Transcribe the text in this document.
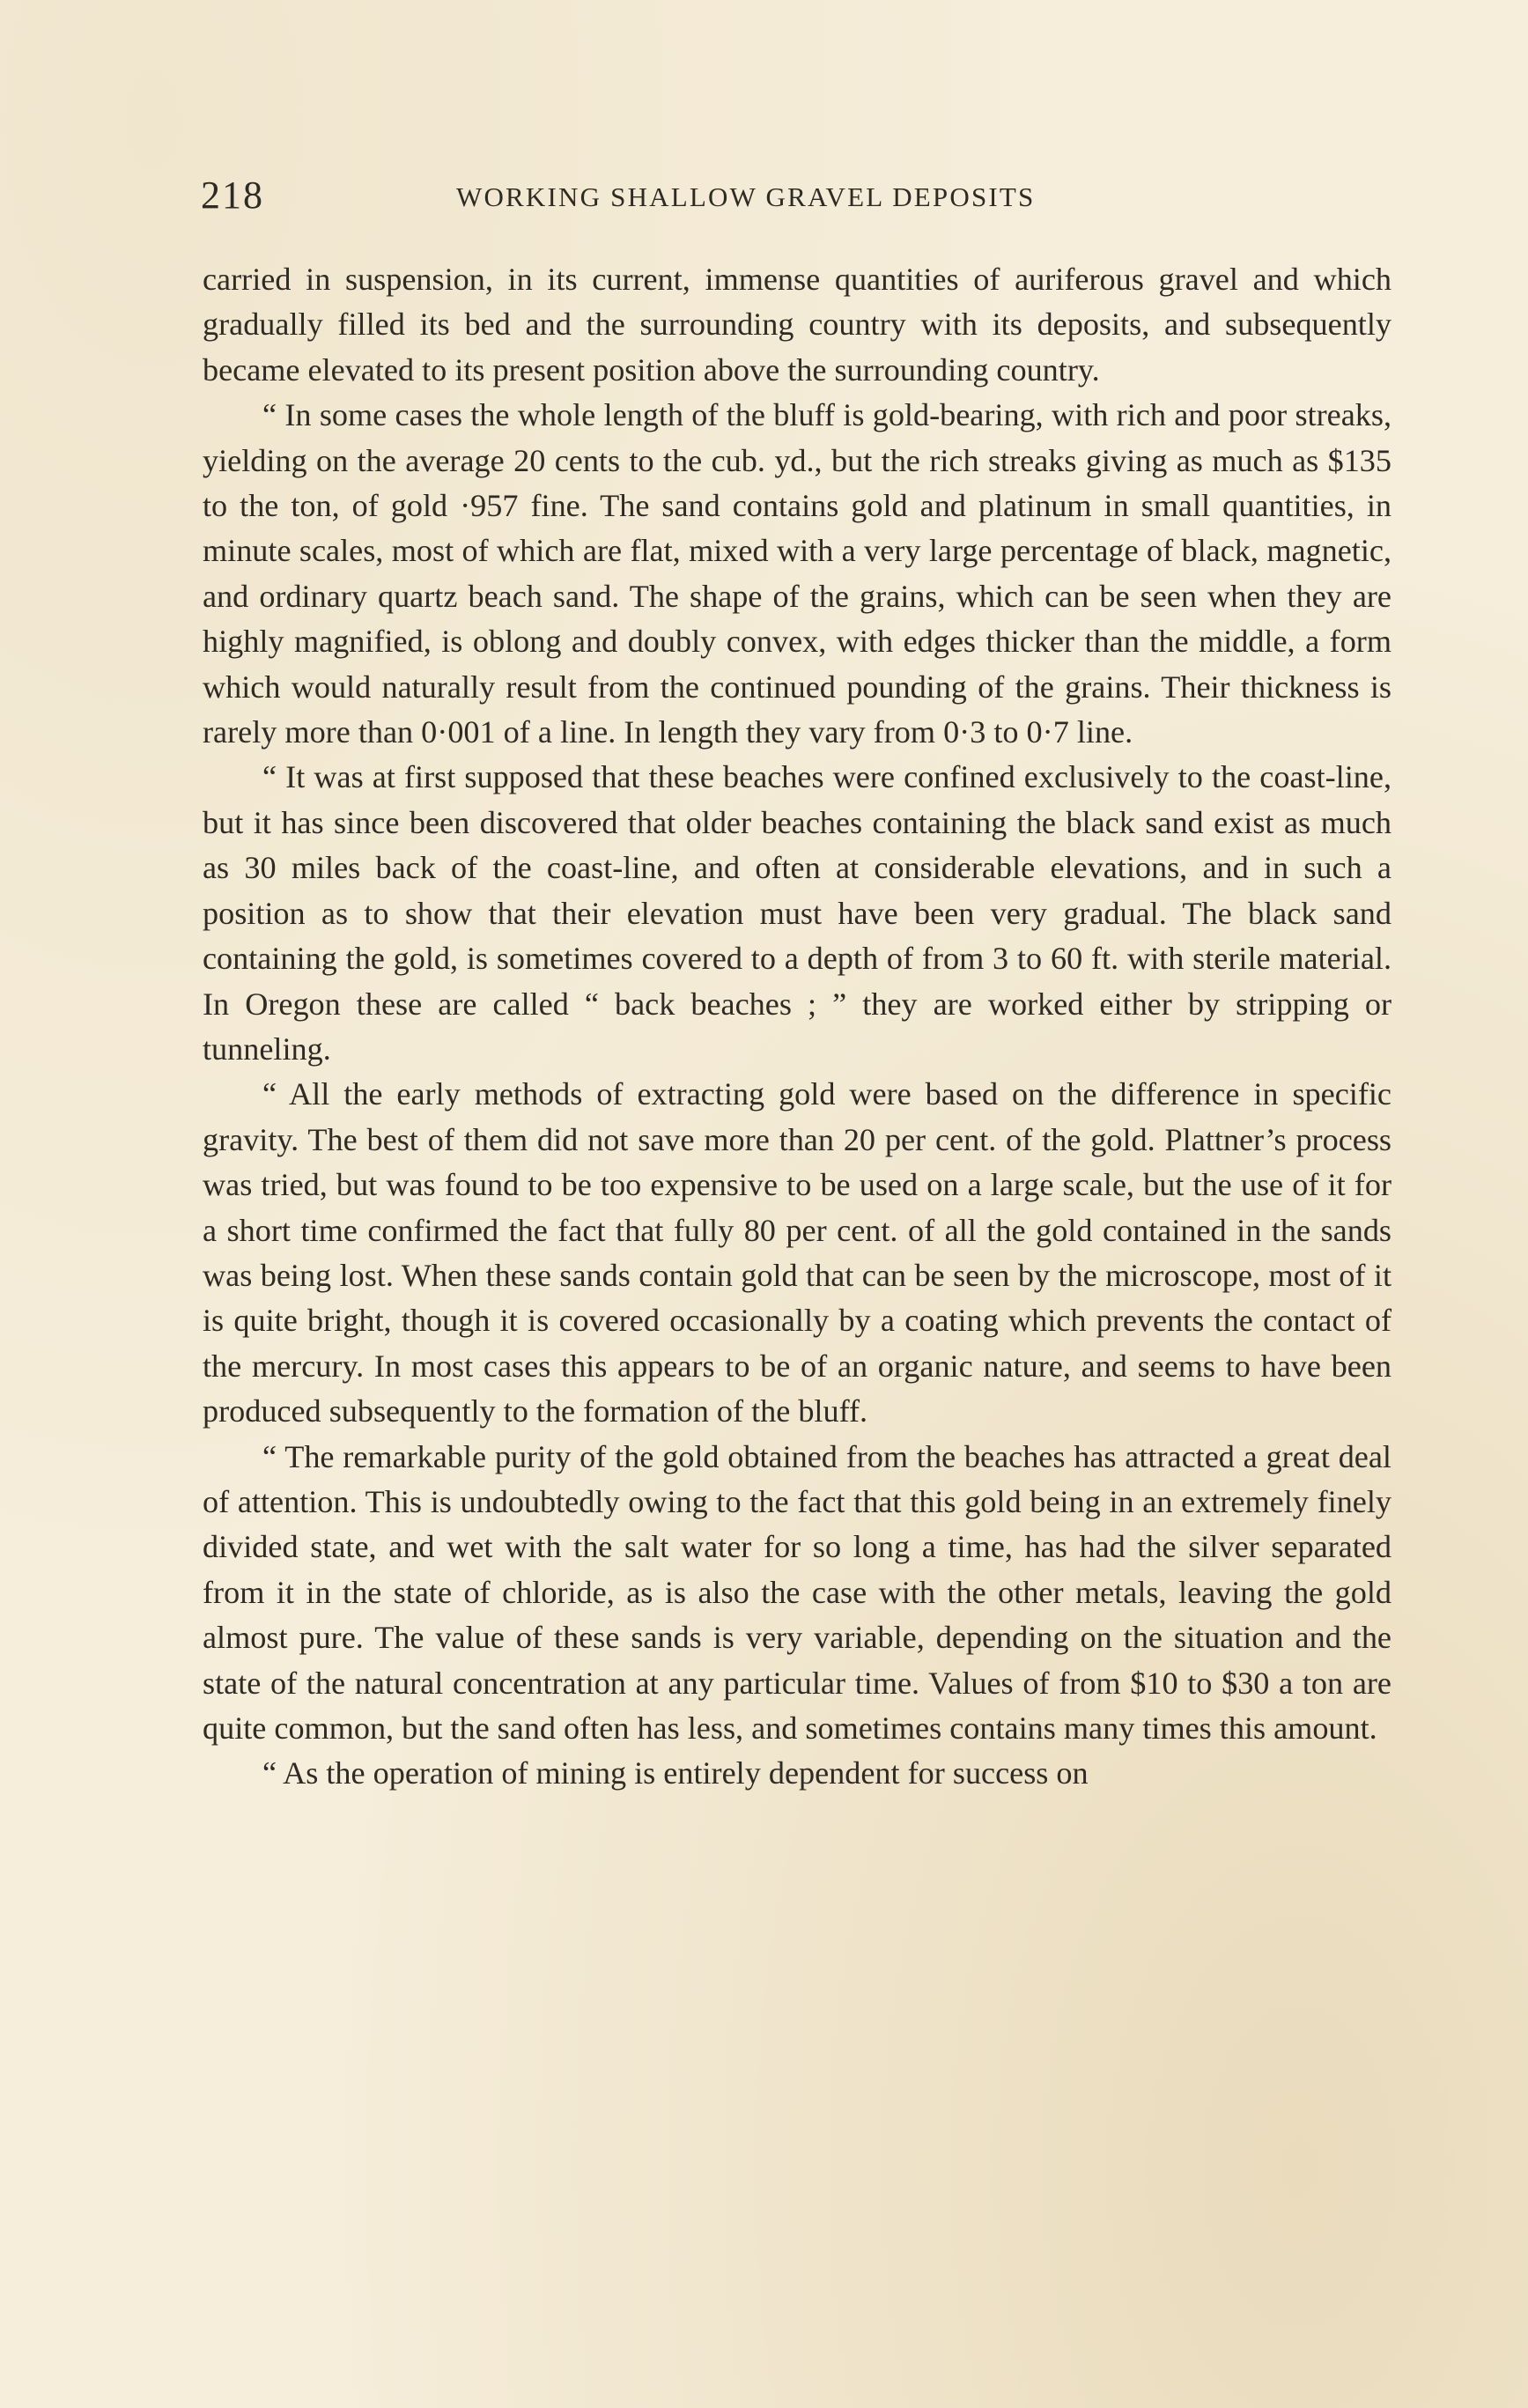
218	WORKING SHALLOW GRAVEL DEPOSITS

carried in suspension, in its current, immense quantities of auriferous gravel and which gradually filled its bed and the surrounding country with its deposits, and subsequently became elevated to its present position above the surrounding country.

“ In some cases the whole length of the bluff is gold-bearing, with rich and poor streaks, yielding on the average 20 cents to the cub. yd., but the rich streaks giving as much as $135 to the ton, of gold ·957 fine. The sand contains gold and platinum in small quantities, in minute scales, most of which are flat, mixed with a very large percentage of black, magnetic, and ordinary quartz beach sand. The shape of the grains, which can be seen when they are highly magnified, is oblong and doubly convex, with edges thicker than the middle, a form which would naturally result from the continued pounding of the grains. Their thickness is rarely more than 0·001 of a line. In length they vary from 0·3 to 0·7 line.

“ It was at first supposed that these beaches were confined exclusively to the coast-line, but it has since been discovered that older beaches containing the black sand exist as much as 30 miles back of the coast-line, and often at considerable elevations, and in such a position as to show that their elevation must have been very gradual. The black sand containing the gold, is sometimes covered to a depth of from 3 to 60 ft. with sterile material. In Oregon these are called “ back beaches ; ” they are worked either by stripping or tunneling.

“ All the early methods of extracting gold were based on the difference in specific gravity. The best of them did not save more than 20 per cent. of the gold. Plattner’s process was tried, but was found to be too expensive to be used on a large scale, but the use of it for a short time confirmed the fact that fully 80 per cent. of all the gold contained in the sands was being lost. When these sands contain gold that can be seen by the microscope, most of it is quite bright, though it is covered occasionally by a coating which prevents the contact of the mercury. In most cases this appears to be of an organic nature, and seems to have been produced subsequently to the formation of the bluff.

“ The remarkable purity of the gold obtained from the beaches has attracted a great deal of attention. This is undoubtedly owing to the fact that this gold being in an extremely finely divided state, and wet with the salt water for so long a time, has had the silver separated from it in the state of chloride, as is also the case with the other metals, leaving the gold almost pure. The value of these sands is very variable, depending on the situation and the state of the natural concentration at any particular time. Values of from $10 to $30 a ton are quite common, but the sand often has less, and sometimes contains many times this amount.

“ As the operation of mining is entirely dependent for success on
